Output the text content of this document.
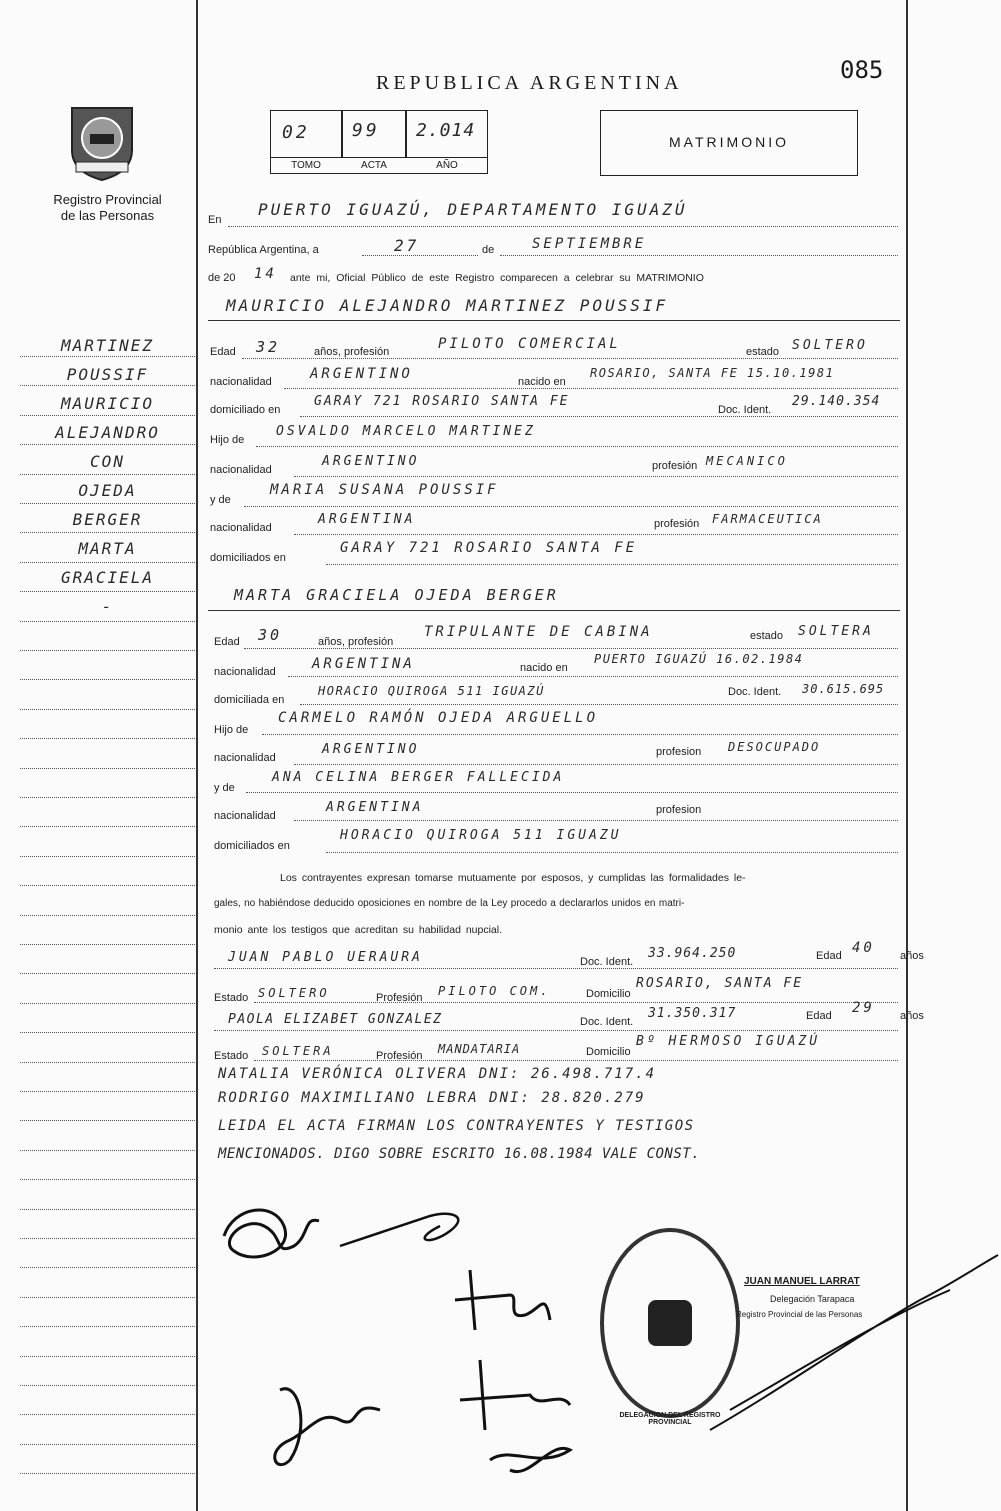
Registro Provincial
de las Personas
REPUBLICA ARGENTINA	085
02 99 2.014
TOMO	ACTA	AÑO
MATRIMONIO
En
PUERTO IGUAZÚ, DEPARTAMENTO IGUAZÚ
República Argentina, a	27	de	SEPTIEMBRE
de 20 14 ante mi, Oficial Público de este Registro comparecen a celebrar su MATRIMONIO
MAURICIO ALEJANDRO MARTINEZ POUSSIF
Edad 32	años, profesión	PILOTO COMERCIAL	estado SOLTERO
nacionalidad	ARGENTINO	nacido en
ROSARIO, SANTA FE 15.10.1981
domiciliado en
GARAY 721 ROSARIO SANTA FE
Doc. Ident.
29.140.354
Hijo de
OSVALDO MARCELO MARTINEZ
nacionalidad
ARGENTINO	profesión MECANICO
y de
MARIA SUSANA POUSSIF
nacionalidad
ARGENTINA	profesión FARMACEUTICA
domiciliados en
GARAY 721 ROSARIO SANTA FE
MARTA GRACIELA OJEDA BERGER
Edad 30	años, profesión
TRIPULANTE DE CABINA	estado SOLTERA
nacionalidad	ARGENTINA	nacido en
PUERTO IGUAZÚ 16.02.1984
domiciliada en
HORACIO QUIROGA 511 IGUAZÚ	Doc. Ident. 30.615.695
Hijo de
CARMELO RAMÓN OJEDA ARGUELLO
nacionalidad
ARGENTINO	profesion DESOCUPADO
y de
ANA CELINA BERGER FALLECIDA
nacionalidad
ARGENTINA	profesion
domiciliados en
HORACIO QUIROGA 511 IGUAZU
Los contrayentes expresan tomarse mutuamente por esposos, y cumplidas las formalidades le-
gales, no habiéndose deducido oposiciones en nombre de la Ley procedo a declararlos unidos en matri-
monio ante los testigos que acreditan su habilidad nupcial.
JUAN PABLO UERAURA	Doc. Ident.
33.964.250	Edad 40 años
Estado SOLTERO	Profesión PILOTO COM.	Domicilio
ROSARIO, SANTA FE
PAOLA ELIZABET GONZALEZ	Doc. Ident.
31.350.317	Edad 29 años
Estado SOLTERA	Profesión MANDATARIA	Domicilio
Bº HERMOSO IGUAZÚ
NATALIA VERÓNICA OLIVERA DNI: 26.498.717.4
RODRIGO MAXIMILIANO LEBRA DNI: 28.820.279
LEIDA EL ACTA FIRMAN LOS CONTRAYENTES Y TESTIGOS
MENCIONADOS. DIGO SOBRE ESCRITO 16.08.1984 VALE CONST.
DELEGACION DEL REGISTRO PROVINCIAL
JUAN MANUEL LARRAT
Delegación Tarapaca
Registro Provincial de las Personas
MARTINEZ
POUSSIF
MAURICIO
ALEJANDRO
CON
OJEDA
BERGER
MARTA
GRACIELA
-
